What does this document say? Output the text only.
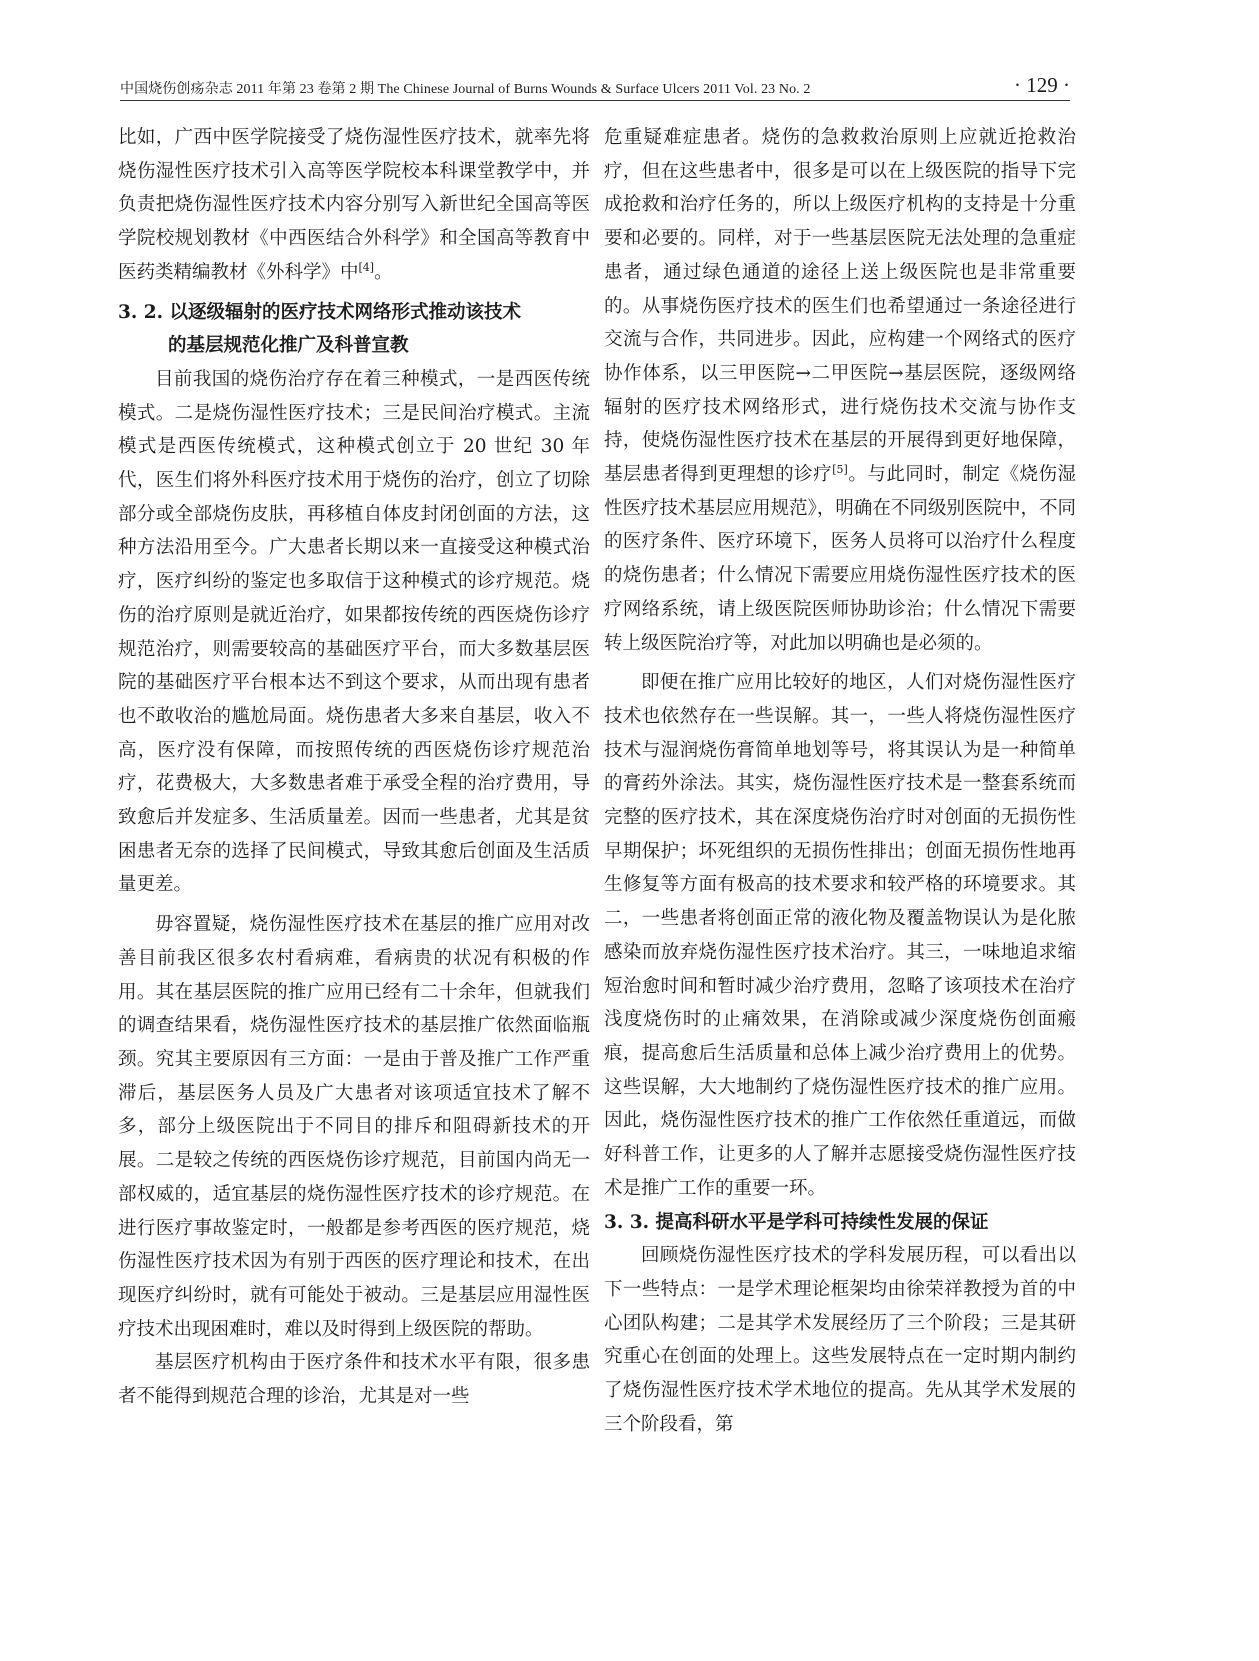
中国烧伤创疡杂志 2011 年第 23 卷第 2 期 The Chinese Journal of Burns Wounds & Surface Ulcers 2011 Vol. 23 No. 2	· 129 ·

比如，广西中医学院接受了烧伤湿性医疗技术，就率先将烧伤湿性医疗技术引入高等医学院校本科课堂教学中，并负责把烧伤湿性医疗技术内容分别写入新世纪全国高等医学院校规划教材《中西医结合外科学》和全国高等教育中医药类精编教材《外科学》中[4]。

3. 2. 以逐级辐射的医疗技术网络形式推动该技术
的基层规范化推广及科普宣教

目前我国的烧伤治疗存在着三种模式，一是西医传统模式。二是烧伤湿性医疗技术；三是民间治疗模式。主流模式是西医传统模式，这种模式创立于 20 世纪 30 年代，医生们将外科医疗技术用于烧伤的治疗，创立了切除部分或全部烧伤皮肤，再移植自体皮封闭创面的方法，这种方法沿用至今。广大患者长期以来一直接受这种模式治疗，医疗纠纷的鉴定也多取信于这种模式的诊疗规范。烧伤的治疗原则是就近治疗，如果都按传统的西医烧伤诊疗规范治疗，则需要较高的基础医疗平台，而大多数基层医院的基础医疗平台根本达不到这个要求，从而出现有患者也不敢收治的尴尬局面。烧伤患者大多来自基层，收入不高，医疗没有保障，而按照传统的西医烧伤诊疗规范治疗，花费极大，大多数患者难于承受全程的治疗费用，导致愈后并发症多、生活质量差。因而一些患者，尤其是贫困患者无奈的选择了民间模式，导致其愈后创面及生活质量更差。

毋容置疑，烧伤湿性医疗技术在基层的推广应用对改善目前我区很多农村看病难，看病贵的状况有积极的作用。其在基层医院的推广应用已经有二十余年，但就我们的调查结果看，烧伤湿性医疗技术的基层推广依然面临瓶颈。究其主要原因有三方面：一是由于普及推广工作严重滞后，基层医务人员及广大患者对该项适宜技术了解不多，部分上级医院出于不同目的排斥和阻碍新技术的开展。二是较之传统的西医烧伤诊疗规范，目前国内尚无一部权威的，适宜基层的烧伤湿性医疗技术的诊疗规范。在进行医疗事故鉴定时，一般都是参考西医的医疗规范，烧伤湿性医疗技术因为有别于西医的医疗理论和技术，在出现医疗纠纷时，就有可能处于被动。三是基层应用湿性医疗技术出现困难时，难以及时得到上级医院的帮助。

基层医疗机构由于医疗条件和技术水平有限，很多患者不能得到规范合理的诊治，尤其是对一些

危重疑难症患者。烧伤的急救救治原则上应就近抢救治疗，但在这些患者中，很多是可以在上级医院的指导下完成抢救和治疗任务的，所以上级医疗机构的支持是十分重要和必要的。同样，对于一些基层医院无法处理的急重症患者，通过绿色通道的途径上送上级医院也是非常重要的。从事烧伤医疗技术的医生们也希望通过一条途径进行交流与合作，共同进步。因此，应构建一个网络式的医疗协作体系，以三甲医院→二甲医院→基层医院，逐级网络辐射的医疗技术网络形式，进行烧伤技术交流与协作支持，使烧伤湿性医疗技术在基层的开展得到更好地保障，基层患者得到更理想的诊疗[5]。与此同时，制定《烧伤湿性医疗技术基层应用规范》，明确在不同级别医院中，不同的医疗条件、医疗环境下，医务人员将可以治疗什么程度的烧伤患者；什么情况下需要应用烧伤湿性医疗技术的医疗网络系统，请上级医院医师协助诊治；什么情况下需要转上级医院治疗等，对此加以明确也是必须的。

即便在推广应用比较好的地区，人们对烧伤湿性医疗技术也依然存在一些误解。其一，一些人将烧伤湿性医疗技术与湿润烧伤膏简单地划等号，将其误认为是一种简单的膏药外涂法。其实，烧伤湿性医疗技术是一整套系统而完整的医疗技术，其在深度烧伤治疗时对创面的无损伤性早期保护；坏死组织的无损伤性排出；创面无损伤性地再生修复等方面有极高的技术要求和较严格的环境要求。其二，一些患者将创面正常的液化物及覆盖物误认为是化脓感染而放弃烧伤湿性医疗技术治疗。其三，一味地追求缩短治愈时间和暂时减少治疗费用，忽略了该项技术在治疗浅度烧伤时的止痛效果，在消除或减少深度烧伤创面瘢痕，提高愈后生活质量和总体上减少治疗费用上的优势。这些误解，大大地制约了烧伤湿性医疗技术的推广应用。因此，烧伤湿性医疗技术的推广工作依然任重道远，而做好科普工作，让更多的人了解并志愿接受烧伤湿性医疗技术是推广工作的重要一环。

3. 3. 提高科研水平是学科可持续性发展的保证

回顾烧伤湿性医疗技术的学科发展历程，可以看出以下一些特点：一是学术理论框架均由徐荣祥教授为首的中心团队构建；二是其学术发展经历了三个阶段；三是其研究重心在创面的处理上。这些发展特点在一定时期内制约了烧伤湿性医疗技术学术地位的提高。先从其学术发展的三个阶段看，第
